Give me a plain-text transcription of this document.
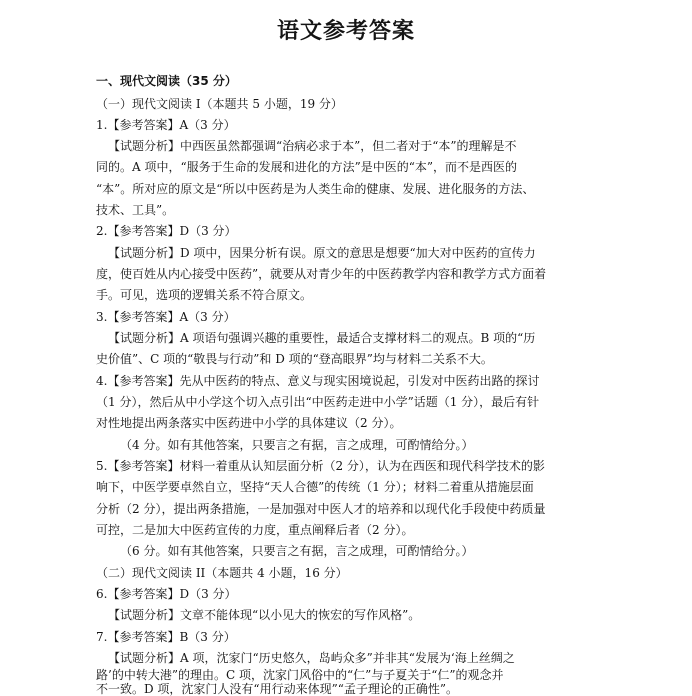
语文参考答案
一、现代文阅读（35 分）
（一）现代文阅读 I（本题共 5 小题，19 分）
1.【参考答案】A（3 分）
【试题分析】中西医虽然都强调“治病必求于本”，但二者对于“本”的理解是不
同的。A 项中，“服务于生命的发展和进化的方法”是中医的“本”，而不是西医的
“本”。所对应的原文是“所以中医药是为人类生命的健康、发展、进化服务的方法、
技术、工具”。
2.【参考答案】D（3 分）
【试题分析】D 项中，因果分析有误。原文的意思是想要“加大对中医药的宣传力
度，使百姓从内心接受中医药”，就要从对青少年的中医药教学内容和教学方式方面着
手。可见，选项的逻辑关系不符合原文。
3.【参考答案】A（3 分）
【试题分析】A 项语句强调兴趣的重要性，最适合支撑材料二的观点。B 项的“历
史价值”、C 项的“敬畏与行动”和 D 项的“登高眼界”均与材料二关系不大。
4.【参考答案】先从中医药的特点、意义与现实困境说起，引发对中医药出路的探讨
（1 分），然后从中小学这个切入点引出“中医药走进中小学”话题（1 分），最后有针
对性地提出两条落实中医药进中小学的具体建议（2 分）。
（4 分。如有其他答案，只要言之有据，言之成理，可酌情给分。）
5.【参考答案】材料一着重从认知层面分析（2 分），认为在西医和现代科学技术的影
响下，中医学要卓然自立，坚持“天人合德”的传统（1 分）；材料二着重从措施层面
分析（2 分），提出两条措施，一是加强对中医人才的培养和以现代化手段使中药质量
可控，二是加大中医药宣传的力度，重点阐释后者（2 分）。
（6 分。如有其他答案，只要言之有据，言之成理，可酌情给分。）
（二）现代文阅读 II（本题共 4 小题，16 分）
6.【参考答案】D（3 分）
【试题分析】文章不能体现“以小见大的恢宏的写作风格”。
7.【参考答案】B（3 分）
【试题分析】A 项，沈家门“历史悠久，岛屿众多”并非其“发展为‘海上丝绸之
路’的中转大港”的理由。C 项，沈家门风俗中的“仁”与子夏关于“仁”的观念并
不一致。D 项，沈家门人没有“用行动来体现”“孟子理论的正确性”。
